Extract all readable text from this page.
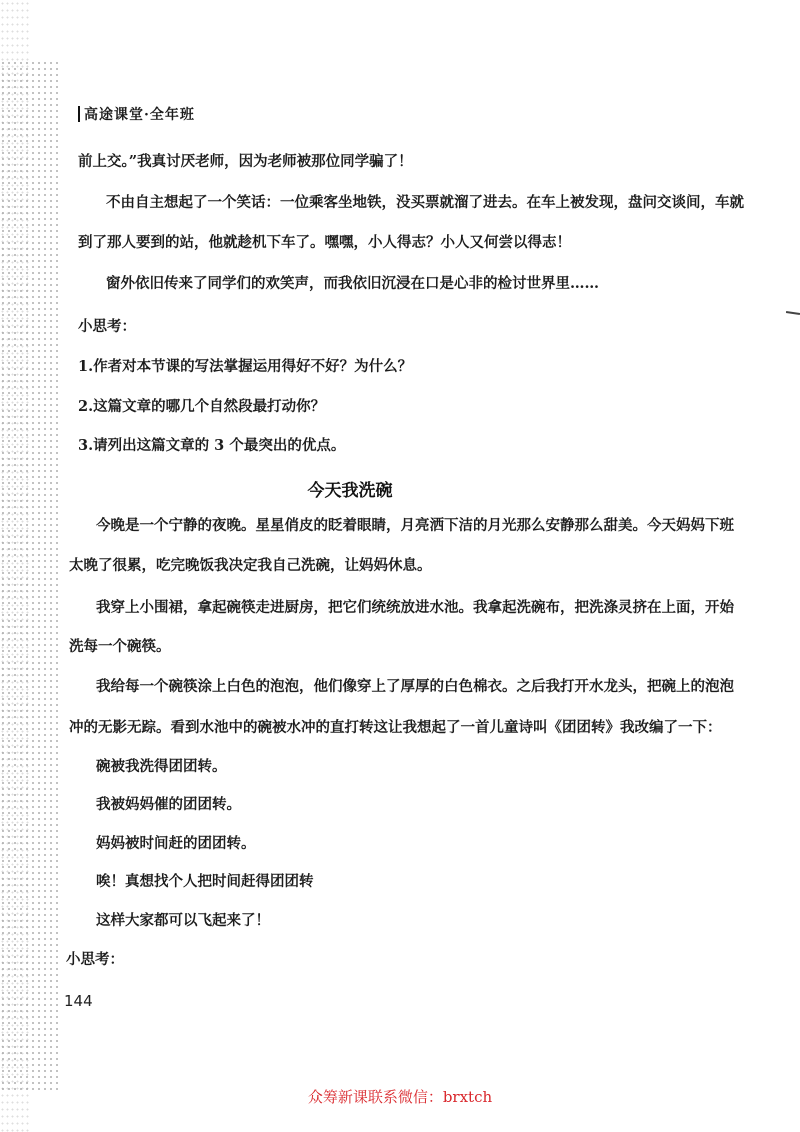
高途课堂·全年班
前上交。”我真讨厌老师，因为老师被那位同学骗了！
不由自主想起了一个笑话：一位乘客坐地铁，没买票就溜了进去。在车上被发现，盘问交谈间，车就
到了那人要到的站，他就趁机下车了。嘿嘿，小人得志？小人又何尝以得志！
窗外依旧传来了同学们的欢笑声，而我依旧沉浸在口是心非的检讨世界里……
小思考：
1.作者对本节课的写法掌握运用得好不好？为什么？
2.这篇文章的哪几个自然段最打动你？
3.请列出这篇文章的 3 个最突出的优点。
今天我洗碗
今晚是一个宁静的夜晚。星星俏皮的眨着眼睛，月亮洒下洁的月光那么安静那么甜美。今天妈妈下班
太晚了很累，吃完晚饭我决定我自己洗碗，让妈妈休息。
我穿上小围裙，拿起碗筷走进厨房，把它们统统放进水池。我拿起洗碗布，把洗涤灵挤在上面，开始
洗每一个碗筷。
我给每一个碗筷涂上白色的泡泡，他们像穿上了厚厚的白色棉衣。之后我打开水龙头，把碗上的泡泡
冲的无影无踪。看到水池中的碗被水冲的直打转这让我想起了一首儿童诗叫《团团转》我改编了一下：
碗被我洗得团团转。
我被妈妈催的团团转。
妈妈被时间赶的团团转。
唉！真想找个人把时间赶得团团转
这样大家都可以飞起来了！
小思考：
144
众筹新课联系微信：brxtch
